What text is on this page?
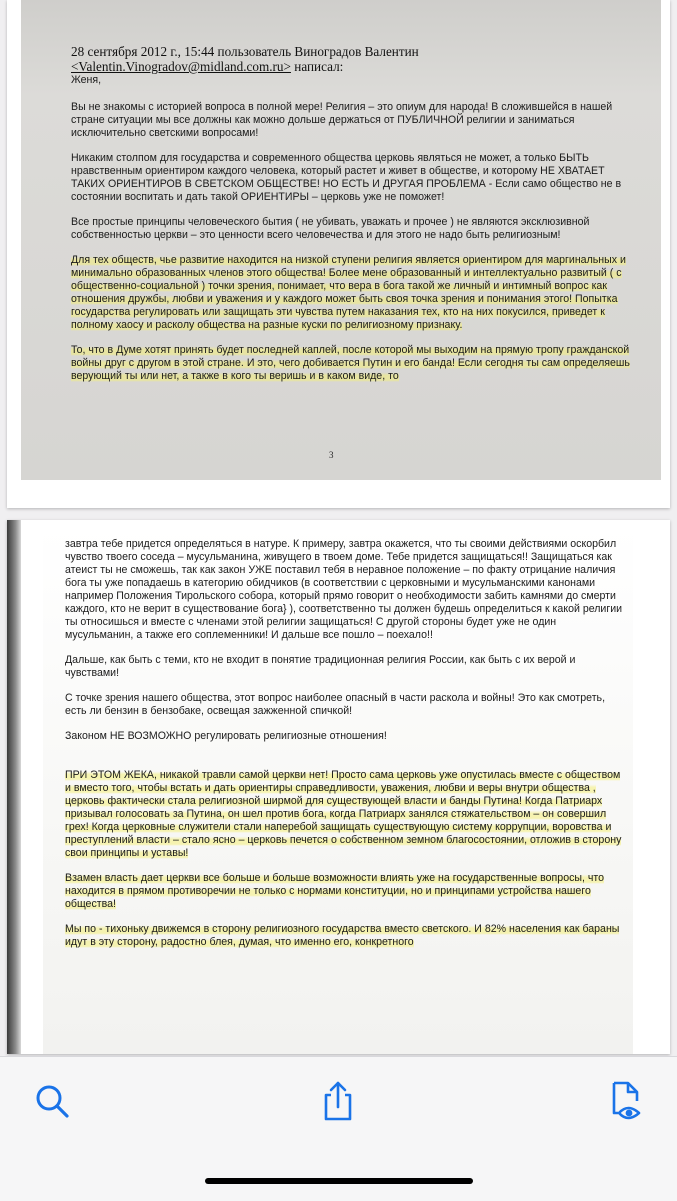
28 сентября 2012 г., 15:44 пользователь Виноградов Валентин

<Valentin.Vinogradov@midland.com.ru> написал:

Женя,

Вы не знакомы с историей вопроса в полной мере! Религия – это опиум для народа! В сложившейся в нашей стране ситуации мы все должны как можно дольше держаться от ПУБЛИЧНОЙ религии и заниматься исключительно светскими вопросами!

Никаким столпом для государства и современного общества церковь являться не может, а только БЫТЬ нравственным ориентиром каждого человека, который растет и живет в обществе, и которому НЕ ХВАТАЕТ ТАКИХ ОРИЕНТИРОВ В СВЕТСКОМ ОБЩЕСТВЕ! НО ЕСТЬ И ДРУГАЯ ПРОБЛЕМА - Если само общество не в состоянии воспитать и дать такой ОРИЕНТИРЫ – церковь уже не поможет!

Все простые принципы человеческого бытия ( не убивать, уважать и прочее ) не являются эксклюзивной собственностью церкви – это ценности всего человечества и для этого не надо быть религиозным!

Для тех обществ, чье развитие находится на низкой ступени религия является ориентиром для маргинальных и минимально образованных членов этого общества! Более мене образованный и интеллектуально развитый ( с общественно-социальной ) точки зрения, понимает, что вера в бога такой же личный и интимный вопрос как отношения дружбы, любви и уважения и у каждого может быть своя точка зрения и понимания этого! Попытка государства регулировать или защищать эти чувства путем наказания тех, кто на них покусился, приведет к полному хаосу и расколу общества на разные куски по религиозному признаку.

То, что в Думе хотят принять будет последней каплей, после которой мы выходим на прямую тропу гражданской войны друг с другом в этой стране. И это, чего добивается Путин и его банда! Если сегодня ты сам определяешь верующий ты или нет, а также в кого ты веришь и в каком виде, то

3

завтра тебе придется определяться в натуре. К примеру, завтра окажется, что ты своими действиями оскорбил чувство твоего соседа – мусульманина, живущего в твоем доме. Тебе придется защищаться!! Защищаться как атеист ты не сможешь, так как закон УЖЕ поставил тебя в неравное положение – по факту отрицание наличия бога ты уже попадаешь в категорию обидчиков (в соответствии с церковными и мусульманскими канонами например Положения Тирольского собора, который прямо говорит о необходимости забить камнями до смерти каждого, кто не верит в существование бога} ), соответственно ты должен будешь определиться к какой религии ты относишься и вместе с членами этой религии защищаться! С другой стороны будет уже не один мусульманин, а также его соплеменники! И дальше все пошло – поехало!!

Дальше, как быть с теми, кто не входит в понятие традиционная религия России, как быть с их верой и чувствами!

С точке зрения нашего общества, этот вопрос наиболее опасный в части раскола и войны! Это как смотреть, есть ли бензин в бензобаке, освещая зажженной спичкой!

Законом НЕ ВОЗМОЖНО регулировать религиозные отношения!

ПРИ ЭТОМ ЖЕКА, никакой травли самой церкви нет! Просто сама церковь уже опустилась вместе с обществом и вместо того, чтобы встать и дать ориентиры справедливости, уважения, любви и веры внутри общества , церковь фактически стала религиозной ширмой для существующей власти и банды Путина! Когда Патриарх призывал голосовать за Путина, он шел против бога, когда Патриарх занялся стяжательством – он совершил грех! Когда церковные служители стали наперебой защищать существующую систему коррупции, воровства и преступлений власти – стало ясно – церковь печется о собственном земном благосостоянии, отложив в сторону свои принципы и уставы!

Взамен власть дает церкви все больше и больше возможности влиять уже на государственные вопросы, что находится в прямом противоречии не только с нормами конституции, но и принципами устройства нашего общества!

Мы по - тихоньку движемся в сторону религиозного государства вместо светского. И 82% населения как бараны идут в эту сторону, радостно блея, думая, что именно его, конкретного
